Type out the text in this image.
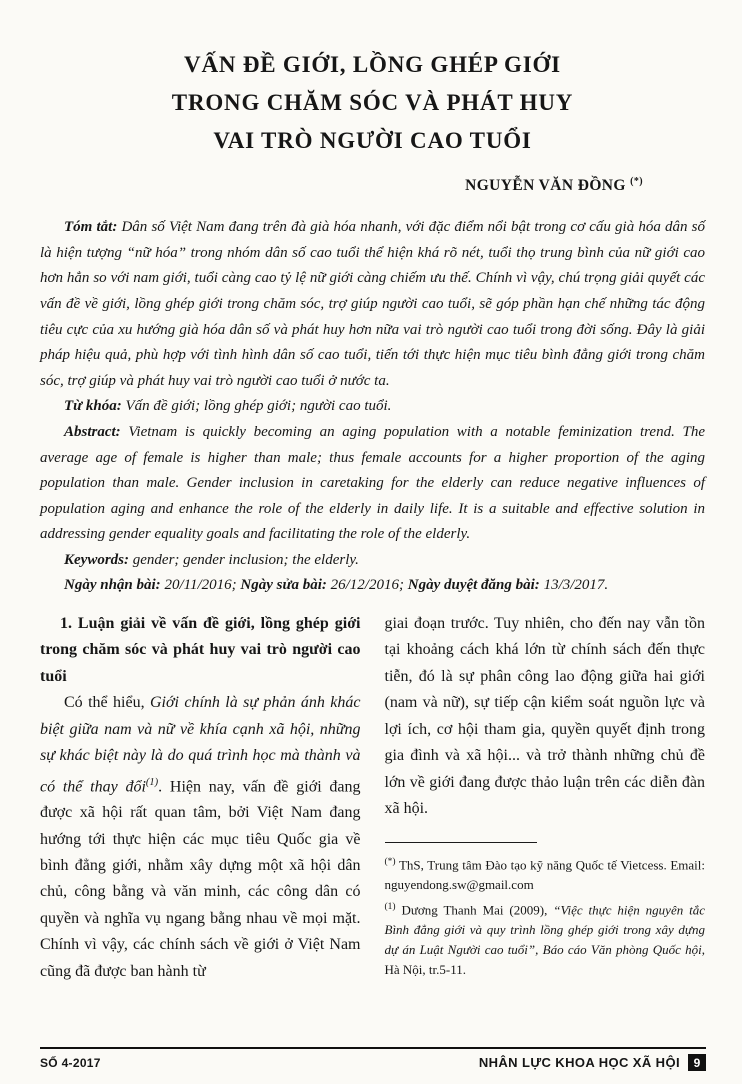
VẤN ĐỀ GIỚI, LỒNG GHÉP GIỚI
TRONG CHĂM SÓC VÀ PHÁT HUY
VAI TRÒ NGƯỜI CAO TUỔI
NGUYỄN VĂN ĐỒNG (*)

Tóm tắt: Dân số Việt Nam đang trên đà già hóa nhanh, với đặc điểm nổi bật trong cơ cấu già hóa dân số là hiện tượng “nữ hóa” trong nhóm dân số cao tuổi thể hiện khá rõ nét, tuổi thọ trung bình của nữ giới cao hơn hẳn so với nam giới, tuổi càng cao tỷ lệ nữ giới càng chiếm ưu thế. Chính vì vậy, chú trọng giải quyết các vấn đề về giới, lồng ghép giới trong chăm sóc, trợ giúp người cao tuổi, sẽ góp phần hạn chế những tác động tiêu cực của xu hướng già hóa dân số và phát huy hơn nữa vai trò người cao tuổi trong đời sống. Đây là giải pháp hiệu quả, phù hợp với tình hình dân số cao tuổi, tiến tới thực hiện mục tiêu bình đẳng giới trong chăm sóc, trợ giúp và phát huy vai trò người cao tuổi ở nước ta.

Từ khóa: Vấn đề giới; lồng ghép giới; người cao tuổi.

Abstract: Vietnam is quickly becoming an aging population with a notable feminization trend. The average age of female is higher than male; thus female accounts for a higher proportion of the aging population than male. Gender inclusion in caretaking for the elderly can reduce negative influences of population aging and enhance the role of the elderly in daily life. It is a suitable and effective solution in addressing gender equality goals and facilitating the role of the elderly.

Keywords: gender; gender inclusion; the elderly.

Ngày nhận bài: 20/11/2016; Ngày sửa bài: 26/12/2016; Ngày duyệt đăng bài: 13/3/2017.

1. Luận giải về vấn đề giới, lồng ghép giới trong chăm sóc và phát huy vai trò người cao tuổi

Có thể hiểu, Giới chính là sự phản ánh khác biệt giữa nam và nữ về khía cạnh xã hội, những sự khác biệt này là do quá trình học mà thành và có thể thay đổi$^{(1)}$. Hiện nay, vấn đề giới đang được xã hội rất quan tâm, bởi Việt Nam đang hướng tới thực hiện các mục tiêu Quốc gia về bình đẳng giới, nhằm xây dựng một xã hội dân chủ, công bằng và văn minh, các công dân có quyền và nghĩa vụ ngang bằng nhau về mọi mặt. Chính vì vậy, các chính sách về giới ở Việt Nam cũng đã được ban hành từ

giai đoạn trước. Tuy nhiên, cho đến nay vẫn tồn tại khoảng cách khá lớn từ chính sách đến thực tiễn, đó là sự phân công lao động giữa hai giới (nam và nữ), sự tiếp cận kiểm soát nguồn lực và lợi ích, cơ hội tham gia, quyền quyết định trong gia đình và xã hội... và trở thành những chủ đề lớn về giới đang được thảo luận trên các diễn đàn xã hội.

(*) ThS, Trung tâm Đào tạo kỹ năng Quốc tế Vietcess. Email: nguyendong.sw@gmail.com

$^{(1)}$ Dương Thanh Mai (2009), “Việc thực hiện nguyên tắc Bình đẳng giới và quy trình lồng ghép giới trong xây dựng dự án Luật Người cao tuổi”, Báo cáo Văn phòng Quốc hội, Hà Nội, tr.5-11.

SỐ 4-2017	NHÂN LỰC KHOA HỌC XÃ HỘI	9
